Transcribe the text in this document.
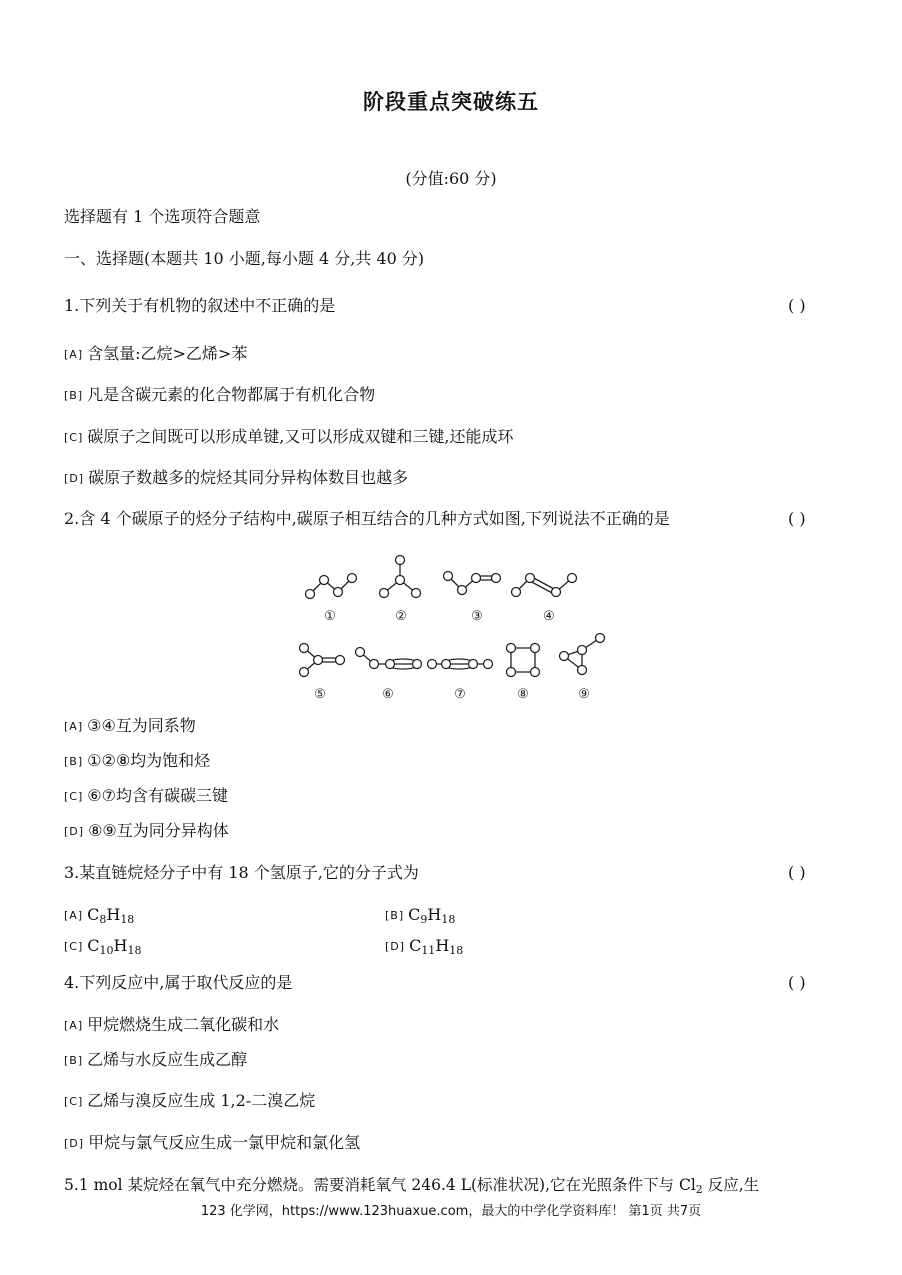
阶段重点突破练五
(分值:60 分)
选择题有 1 个选项符合题意
一、选择题(本题共 10 小题,每小题 4 分,共 40 分)
1.下列关于有机物的叙述中不正确的是	( )
[A] 含氢量:乙烷>乙烯>苯
[B] 凡是含碳元素的化合物都属于有机化合物
[C] 碳原子之间既可以形成单键,又可以形成双键和三键,还能成环
[D] 碳原子数越多的烷烃其同分异构体数目也越多
2.含 4 个碳原子的烃分子结构中,碳原子相互结合的几种方式如图,下列说法不正确的是	( )
①	②	③	④
⑤	⑥	⑦	⑧	⑨
[A] ③④互为同系物
[B] ①②⑧均为饱和烃
[C] ⑥⑦均含有碳碳三键
[D] ⑧⑨互为同分异构体
3.某直链烷烃分子中有 18 个氢原子,它的分子式为	( )
[A] $C_8H_{18}$	[B] $C_9H_{18}$
[C] $C_{10}H_{18}$	[D] $C_{11}H_{18}$
4.下列反应中,属于取代反应的是	( )
[A] 甲烷燃烧生成二氧化碳和水
[B] 乙烯与水反应生成乙醇
[C] 乙烯与溴反应生成 1,2-二溴乙烷
[D] 甲烷与氯气反应生成一氯甲烷和氯化氢
5.1 mol 某烷烃在氧气中充分燃烧。需要消耗氧气 246.4 L(标准状况),它在光照条件下与 $Cl_2$ 反应,生
123 化学网，https://www.123huaxue.com，最大的中学化学资料库！ 第1页 共7页
